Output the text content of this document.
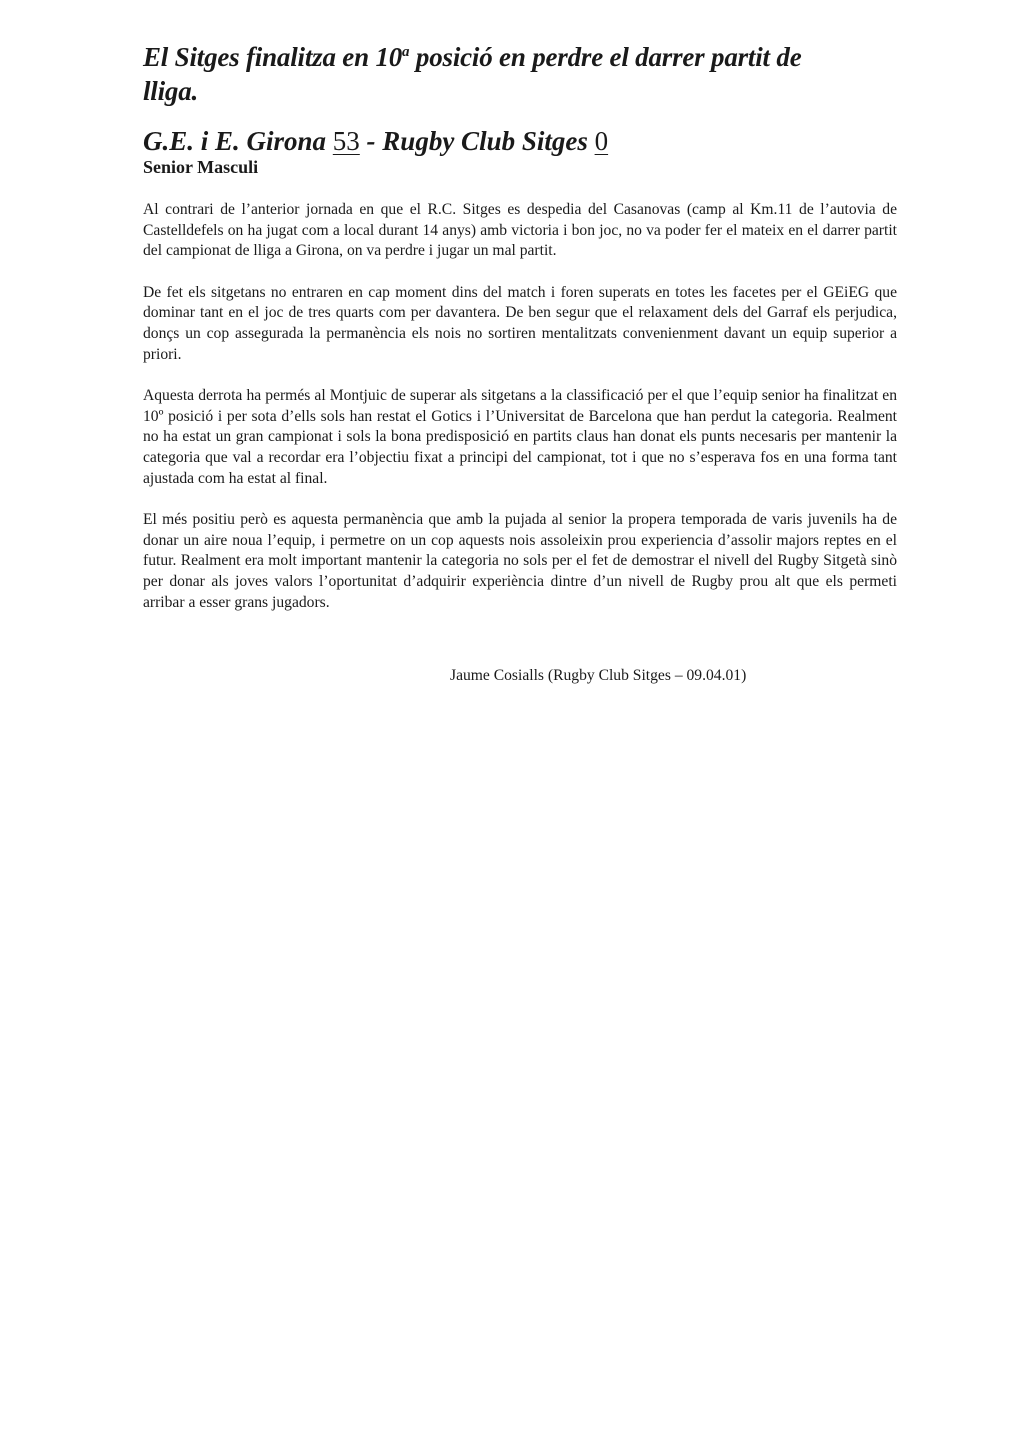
El Sitges finalitza en 10$^a$ posició en perdre el darrer partit de lliga.
G.E. i E. Girona 53 - Rugby Club Sitges 0
Senior Masculi

Al contrari de l’anterior jornada en que el R.C. Sitges es despedia del Casanovas (camp al Km.11 de l’autovia de Castelldefels on ha jugat com a local durant 14 anys) amb victoria i bon joc, no va poder fer el mateix en el darrer partit del campionat de lliga a Girona, on va perdre i jugar un mal partit.

De fet els sitgetans no entraren en cap moment dins del match i foren superats en totes les facetes per el GEiEG que dominar tant en el joc de tres quarts com per davantera. De ben segur que el relaxament dels del Garraf els perjudica, donçs un cop assegurada la permanència els nois no sortiren mentalitzats convenienment davant un equip superior a priori.

Aquesta derrota ha permés al Montjuic de superar als sitgetans a la classificació per el que l’equip senior ha finalitzat en 10º posició i per sota d’ells sols han restat el Gotics i l’Universitat de Barcelona que han perdut la categoria. Realment no ha estat un gran campionat i sols la bona predisposició en partits claus han donat els punts necesaris per mantenir la categoria que val a recordar era l’objectiu fixat a principi del campionat, tot i que no s’esperava fos en una forma tant ajustada com ha estat al final.

El més positiu però es aquesta permanència que amb la pujada al senior la propera temporada de varis juvenils ha de donar un aire noua l’equip, i permetre on un cop aquests nois assoleixin prou experiencia d’assolir majors reptes en el futur. Realment era molt important mantenir la categoria no sols per el fet de demostrar el nivell del Rugby Sitgetà sinò per donar als joves valors l’oportunitat d’adquirir experiència dintre d’un nivell de Rugby prou alt que els permeti arribar a esser grans jugadors.

Jaume Cosialls (Rugby Club Sitges – 09.04.01)
